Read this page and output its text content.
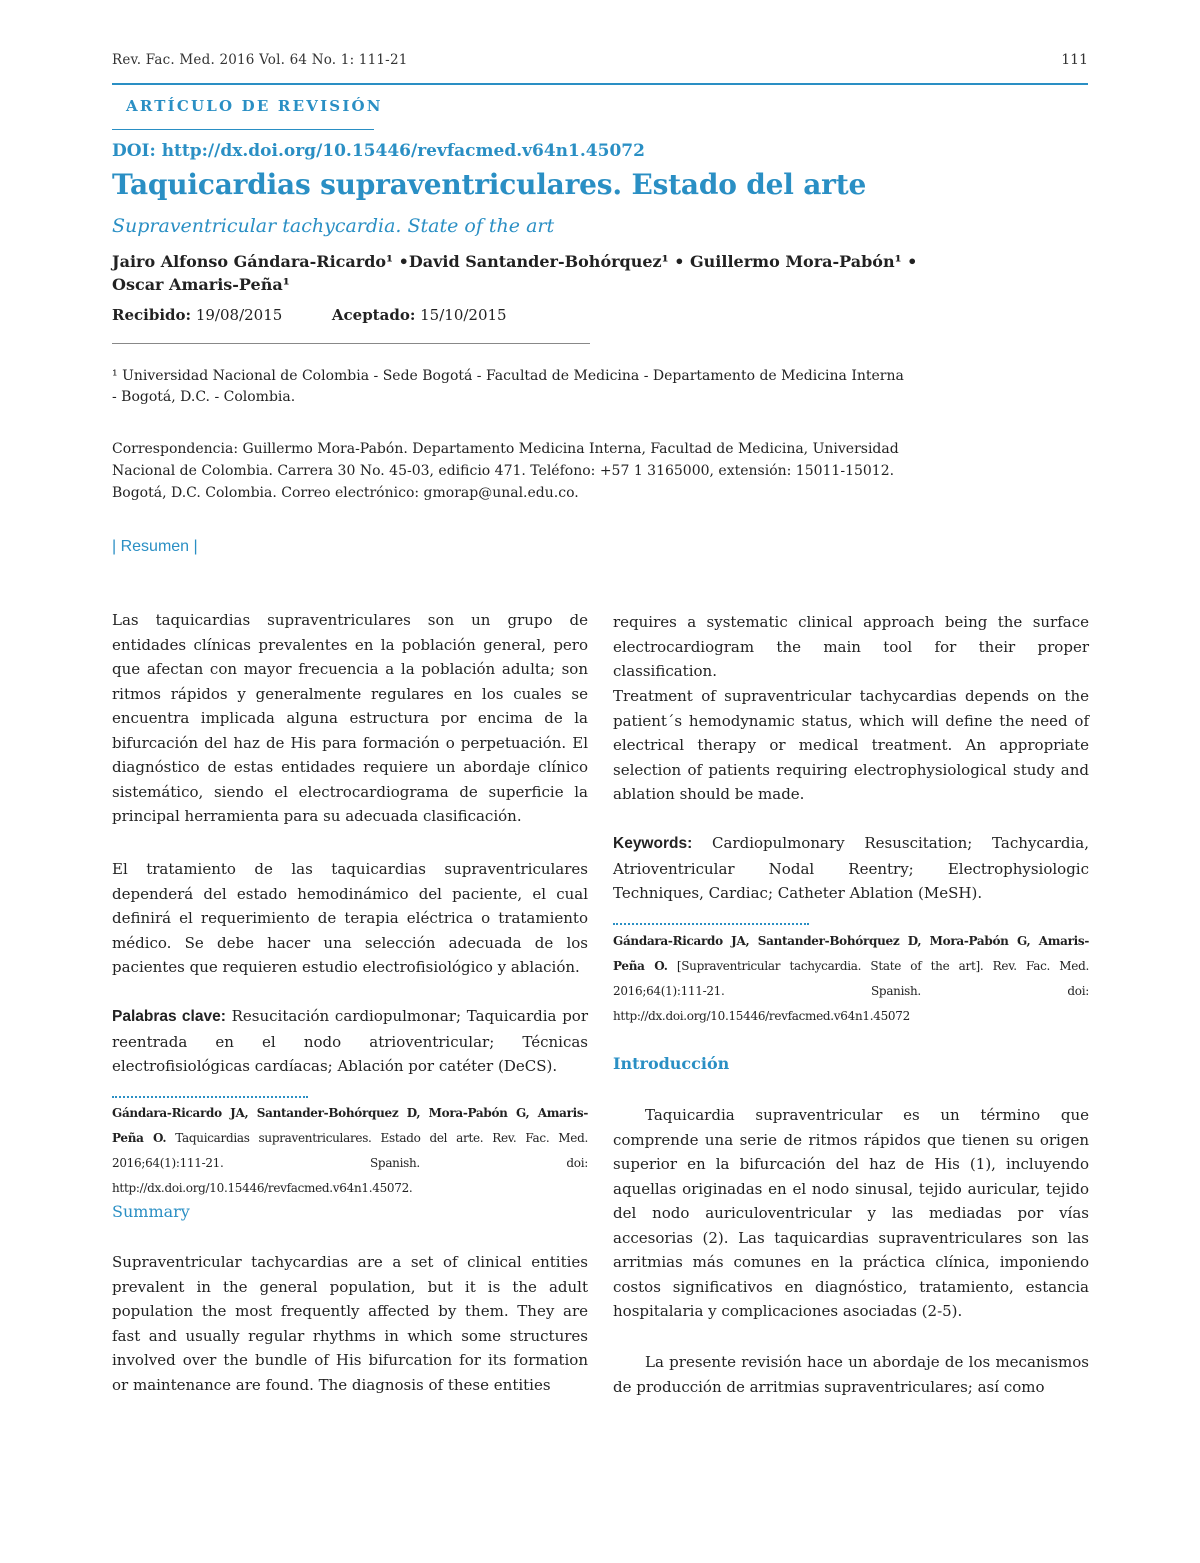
Rev. Fac. Med. 2016 Vol. 64 No. 1: 111-21	111
ARTÍCULO DE REVISIÓN
DOI: http://dx.doi.org/10.15446/revfacmed.v64n1.45072
Taquicardias supraventriculares. Estado del arte
Supraventricular tachycardia. State of the art
Jairo Alfonso Gándara-Ricardo¹ •David Santander-Bohórquez¹ • Guillermo Mora-Pabón¹ •
Oscar Amaris-Peña¹
Recibido: 19/08/2015	Aceptado: 15/10/2015
¹ Universidad Nacional de Colombia - Sede Bogotá - Facultad de Medicina - Departamento de Medicina Interna
- Bogotá, D.C. - Colombia.
Correspondencia: Guillermo Mora-Pabón. Departamento Medicina Interna, Facultad de Medicina, Universidad
Nacional de Colombia. Carrera 30 No. 45-03, edificio 471. Teléfono: +57 1 3165000, extensión: 15011-15012.
Bogotá, D.C. Colombia. Correo electrónico: gmorap@unal.edu.co.
| Resumen |
Las taquicardias supraventriculares son un grupo de entidades clínicas prevalentes en la población general, pero que afectan con mayor frecuencia a la población adulta; son ritmos rápidos y generalmente regulares en los cuales se encuentra implicada alguna estructura por encima de la bifurcación del haz de His para formación o perpetuación. El diagnóstico de estas entidades requiere un abordaje clínico sistemático, siendo el electrocardiograma de superficie la principal herramienta para su adecuada clasificación.
El tratamiento de las taquicardias supraventriculares dependerá del estado hemodinámico del paciente, el cual definirá el requerimiento de terapia eléctrica o tratamiento médico. Se debe hacer una selección adecuada de los pacientes que requieren estudio electrofisiológico y ablación.
Palabras clave: Resucitación cardiopulmonar; Taquicardia por reentrada en el nodo atrioventricular; Técnicas electrofisiológicas cardíacas; Ablación por catéter (DeCS).
Gándara-Ricardo JA, Santander-Bohórquez D, Mora-Pabón G, Amaris-Peña O. Taquicardias supraventriculares. Estado del arte. Rev. Fac. Med. 2016;64(1):111-21. Spanish. doi: http://dx.doi.org/10.15446/revfacmed.v64n1.45072.
Summary
Supraventricular tachycardias are a set of clinical entities prevalent in the general population, but it is the adult population the most frequently affected by them. They are fast and usually regular rhythms in which some structures involved over the bundle of His bifurcation for its formation or maintenance are found. The diagnosis of these entities
requires a systematic clinical approach being the surface electrocardiogram the main tool for their proper classification.
Treatment of supraventricular tachycardias depends on the patient´s hemodynamic status, which will define the need of electrical therapy or medical treatment. An appropriate selection of patients requiring electrophysiological study and ablation should be made.
Keywords: Cardiopulmonary Resuscitation; Tachycardia, Atrioventricular Nodal Reentry; Electrophysiologic Techniques, Cardiac; Catheter Ablation (MeSH).
Gándara-Ricardo JA, Santander-Bohórquez D, Mora-Pabón G, Amaris-Peña O. [Supraventricular tachycardia. State of the art]. Rev. Fac. Med. 2016;64(1):111-21. Spanish. doi: http://dx.doi.org/10.15446/revfacmed.v64n1.45072
Introducción
Taquicardia supraventricular es un término que comprende una serie de ritmos rápidos que tienen su origen superior en la bifurcación del haz de His (1), incluyendo aquellas originadas en el nodo sinusal, tejido auricular, tejido del nodo auriculoventricular y las mediadas por vías accesorias (2). Las taquicardias supraventriculares son las arritmias más comunes en la práctica clínica, imponiendo costos significativos en diagnóstico, tratamiento, estancia hospitalaria y complicaciones asociadas (2-5).
La presente revisión hace un abordaje de los mecanismos de producción de arritmias supraventriculares; así como
